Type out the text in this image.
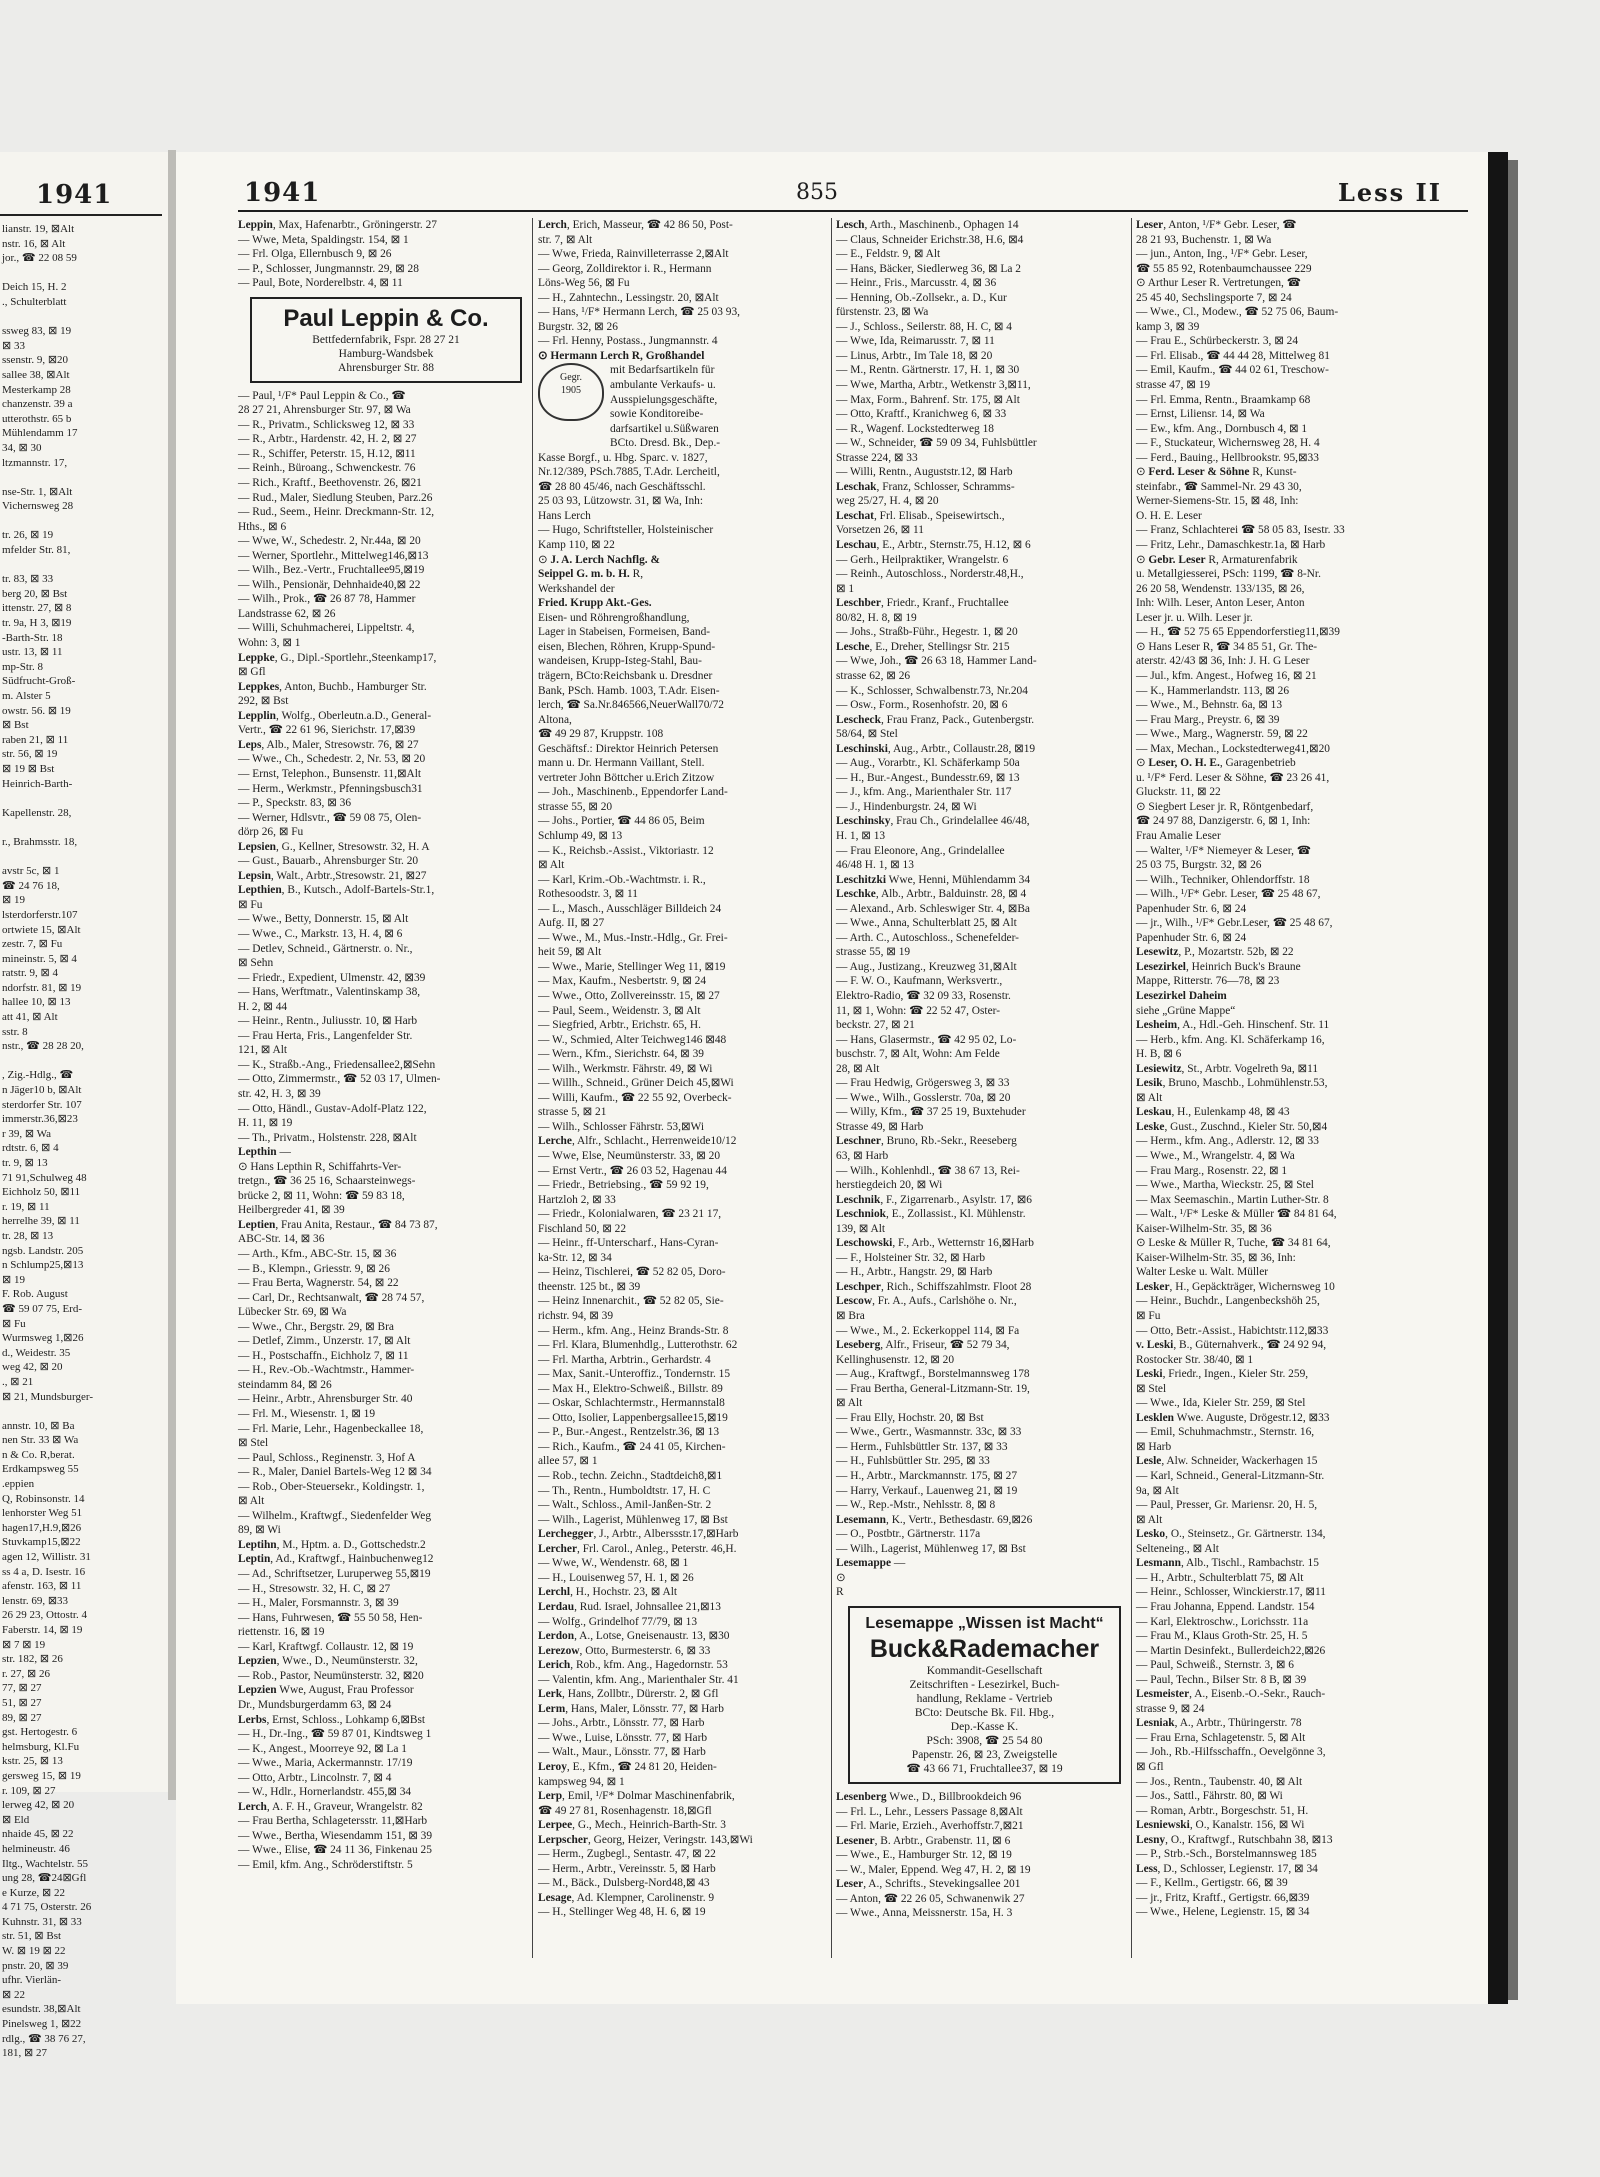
1941
lianstr. 19, ⊠Alt
nstr. 16, ⊠ Alt
jor., ☎ 22 08 59

Deich 15, H. 2
., Schulterblatt

ssweg 83, ⊠ 19
⊠ 33
ssenstr. 9, ⊠20
sallee 38, ⊠Alt
Mesterkamp 28
chanzenstr. 39 a
utterothstr. 65 b
Mühlendamm 17
34, ⊠ 30
ltzmannstr. 17,

nse-Str. 1, ⊠Alt
Vichernsweg 28

tr. 26, ⊠ 19
mfelder Str. 81,

tr. 83, ⊠ 33
berg 20, ⊠ Bst
ittenstr. 27, ⊠ 8
tr. 9a, H 3, ⊠19
-Barth-Str. 18
ustr. 13, ⊠ 11
mp-Str. 8
Südfrucht-Groß-
m. Alster 5
owstr. 56. ⊠ 19
⊠ Bst
raben 21, ⊠ 11
str. 56, ⊠ 19
⊠ 19 ⊠ Bst
Heinrich-Barth-

Kapellenstr. 28,

r., Brahmsstr. 18,

avstr 5c, ⊠ 1
☎ 24 76 18,
⊠ 19
lsterdorferstr.107
ortwiete 15, ⊠Alt
zestr. 7, ⊠ Fu
mineinstr. 5, ⊠ 4
ratstr. 9, ⊠ 4
ndorfstr. 81, ⊠ 19
hallee 10, ⊠ 13
att 41, ⊠ Alt
sstr. 8
nstr., ☎ 28 28 20,

, Zig.-Hdlg., ☎
n Jäger10 b, ⊠Alt
sterdorfer Str. 107
immerstr.36,⊠23
r 39, ⊠ Wa
rdtstr. 6, ⊠ 4
tr. 9, ⊠ 13
71 91,Schulweg 48
Eichholz 50, ⊠11
r. 19, ⊠ 11
herrelhe 39, ⊠ 11
tr. 28, ⊠ 13
ngsb. Landstr. 205
n Schlump25,⊠13
⊠ 19
F. Rob. August
☎ 59 07 75, Erd-
⊠ Fu
Wurmsweg 1,⊠26
d., Weidestr. 35
weg 42, ⊠ 20
., ⊠ 21
⊠ 21, Mundsburger-

annstr. 10, ⊠ Ba
nen Str. 33 ⊠ Wa
n & Co. R,berat.
Erdkampsweg 55
.eppien
Q, Robinsonstr. 14
lenhorster Weg 51
hagen17,H.9,⊠26
Stuvkamp15,⊠22
agen 12, Willistr. 31
ss 4 a, D. Isestr. 16
afenstr. 163, ⊠ 11
lenstr. 69, ⊠33
26 29 23, Ottostr. 4
Faberstr. 14, ⊠ 19
⊠ 7 ⊠ 19
str. 182, ⊠ 26
r. 27, ⊠ 26
77, ⊠ 27
51, ⊠ 27
89, ⊠ 27
gst. Hertogestr. 6
helmsburg, Kl.Fu
kstr. 25, ⊠ 13
gersweg 15, ⊠ 19
r. 109, ⊠ 27
lerweg 42, ⊠ 20
⊠ Eld
nhaide 45, ⊠ 22
helmineustr. 46
Iltg., Wachtelstr. 55
ung 28, ☎24⊠Gfl
e Kurze, ⊠ 22
4 71 75, Osterstr. 26
Kuhnstr. 31, ⊠ 33
str. 51, ⊠ Bst
W. ⊠ 19 ⊠ 22
pnstr. 20, ⊠ 39
ufhr. Vierlän-
⊠ 22
esundstr. 38,⊠Alt
Pinelsweg 1, ⊠22
rdlg., ☎ 38 76 27,
181, ⊠ 27
1941	855	Less II
Leppin, Max, Hafenarbtr., Gröningerstr. 27
— Wwe, Meta, Spaldingstr. 154, ⊠ 1
— Frl. Olga, Ellernbusch 9, ⊠ 26
— P., Schlosser, Jungmannstr. 29, ⊠ 28
— Paul, Bote, Norderelbstr. 4, ⊠ 11
Paul Leppin & Co.
Bettfedernfabrik, Fspr. 28 27 21
Hamburg-Wandsbek
Ahrensburger Str. 88
— Paul, ¹/F* Paul Leppin & Co., ☎
28 27 21, Ahrensburger Str. 97, ⊠ Wa
— R., Privatm., Schlicksweg 12, ⊠ 33
— R., Arbtr., Hardenstr. 42, H. 2, ⊠ 27
— R., Schiffer, Peterstr. 15, H.12, ⊠11
— Reinh., Büroang., Schwenckestr. 76
— Rich., Kraftf., Beethovenstr. 26, ⊠21
— Rud., Maler, Siedlung Steuben, Parz.26
— Rud., Seem., Heinr. Dreckmann-Str. 12,
Hths., ⊠ 6
— Wwe, W., Schedestr. 2, Nr.44a, ⊠ 20
— Werner, Sportlehr., Mittelweg146,⊠13
— Wilh., Bez.-Vertr., Fruchtallee95,⊠19
— Wilh., Pensionär, Dehnhaide40,⊠ 22
— Wilh., Prok., ☎ 26 87 78, Hammer
Landstrasse 62, ⊠ 26
— Willi, Schuhmacherei, Lippeltstr. 4,
Wohn: 3, ⊠ 1
Leppke, G., Dipl.-Sportlehr.,Steenkamp17,
⊠ Gfl
Leppkes, Anton, Buchb., Hamburger Str.
292, ⊠ Bst
Lepplin, Wolfg., Oberleutn.a.D., General-
Vertr., ☎ 22 61 96, Sierichstr. 17,⊠39
Leps, Alb., Maler, Stresowstr. 76, ⊠ 27
— Wwe., Ch., Schedestr. 2, Nr. 53, ⊠ 20
— Ernst, Telephon., Bunsenstr. 11,⊠Alt
— Herm., Werkmstr., Pfenningsbusch31
— P., Speckstr. 83, ⊠ 36
— Werner, Hdlsvtr., ☎ 59 08 75, Olen-
dörp 26, ⊠ Fu
Lepsien, G., Kellner, Stresowstr. 32, H. A
— Gust., Bauarb., Ahrensburger Str. 20
Lepsin, Walt., Arbtr.,Stresowstr. 21, ⊠27
Lepthien, B., Kutsch., Adolf-Bartels-Str.1,
⊠ Fu
— Wwe., Betty, Donnerstr. 15, ⊠ Alt
— Wwe., C., Markstr. 13, H. 4, ⊠ 6
— Detlev, Schneid., Gärtnerstr. o. Nr.,
⊠ Sehn
— Friedr., Expedient, Ulmenstr. 42, ⊠39
— Hans, Werftmatr., Valentinskamp 38,
H. 2, ⊠ 44
— Heinr., Rentn., Juliusstr. 10, ⊠ Harb
— Frau Herta, Fris., Langenfelder Str.
121, ⊠ Alt
— K., Straßb.-Ang., Friedensallee2,⊠Sehn
— Otto, Zimmermstr., ☎ 52 03 17, Ulmen-
str. 42, H. 3, ⊠ 39
— Otto, Händl., Gustav-Adolf-Platz 122,
H. 11, ⊠ 19
— Th., Privatm., Holstenstr. 228, ⊠Alt
Lepthin —
⊙ Hans Lepthin R, Schiffahrts-Ver-
tretgn., ☎ 36 25 16, Schaarsteinwegs-
brücke 2, ⊠ 11, Wohn: ☎ 59 83 18,
Heilbergreder 41, ⊠ 39
Leptien, Frau Anita, Restaur., ☎ 84 73 87,
ABC-Str. 14, ⊠ 36
— Arth., Kfm., ABC-Str. 15, ⊠ 36
— B., Klempn., Griesstr. 9, ⊠ 26
— Frau Berta, Wagnerstr. 54, ⊠ 22
— Carl, Dr., Rechtsanwalt, ☎ 28 74 57,
Lübecker Str. 69, ⊠ Wa
— Wwe., Chr., Bergstr. 29, ⊠ Bra
— Detlef, Zimm., Unzerstr. 17, ⊠ Alt
— H., Postschaffn., Eichholz 7, ⊠ 11
— H., Rev.-Ob.-Wachtmstr., Hammer-
steindamm 84, ⊠ 26
— Heinr., Arbtr., Ahrensburger Str. 40
— Frl. M., Wiesenstr. 1, ⊠ 19
— Frl. Marie, Lehr., Hagenbeckallee 18,
⊠ Stel
— Paul, Schloss., Reginenstr. 3, Hof A
— R., Maler, Daniel Bartels-Weg 12 ⊠ 34
— Rob., Ober-Steuersekr., Koldingstr. 1,
⊠ Alt
— Wilhelm., Kraftwgf., Siedenfelder Weg
89, ⊠ Wi
Leptihn, M., Hptm. a. D., Gottschedstr.2
Leptin, Ad., Kraftwgf., Hainbuchenweg12
— Ad., Schriftsetzer, Luruperweg 55,⊠19
— H., Stresowstr. 32, H. C, ⊠ 27
— H., Maler, Forsmannstr. 3, ⊠ 39
— Hans, Fuhrwesen, ☎ 55 50 58, Hen-
riettenstr. 16, ⊠ 19
— Karl, Kraftwgf. Collaustr. 12, ⊠ 19
Lepzien, Wwe., D., Neumünsterstr. 32,
— Rob., Pastor, Neumünsterstr. 32, ⊠20
Lepzien Wwe, August, Frau Professor
Dr., Mundsburgerdamm 63, ⊠ 24
Lerbs, Ernst, Schloss., Lohkamp 6,⊠Bst
— H., Dr.-Ing., ☎ 59 87 01, Kindtsweg 1
— K., Angest., Moorreye 92, ⊠ La 1
— Wwe., Maria, Ackermannstr. 17/19
— Otto, Arbtr., Lincolnstr. 7, ⊠ 4
— W., Hdlr., Hornerlandstr. 455,⊠ 34
Lerch, A. F. H., Graveur, Wrangelstr. 82
— Frau Bertha, Schlagetersstr. 11,⊠Harb
— Wwe., Bertha, Wiesendamm 151, ⊠ 39
— Wwe., Elise, ☎ 24 11 36, Finkenau 25
— Emil, kfm. Ang., Schröderstiftstr. 5
Lerch, Erich, Masseur, ☎ 42 86 50, Post-
str. 7, ⊠ Alt
— Wwe, Frieda, Rainvilleterrasse 2,⊠Alt
— Georg, Zolldirektor i. R., Hermann
Löns-Weg 56, ⊠ Fu
— H., Zahntechn., Lessingstr. 20, ⊠Alt
— Hans, ¹/F* Hermann Lerch, ☎ 25 03 93,
Burgstr. 32, ⊠ 26
— Frl. Henny, Postass., Jungmannstr. 4
⊙ Hermann Lerch R, Großhandel
Gegr.
1905
mit Bedarfsartikeln für
ambulante Verkaufs- u.
Ausspielungsgeschäfte,
sowie Konditoreibe-
darfsartikel u.Süßwaren
BCto. Dresd. Bk., Dep.-
Kasse Borgf., u. Hbg. Sparc. v. 1827,
Nr.12/389, PSch.7885, T.Adr. Lercheitl,
☎ 28 80 45/46, nach Geschäftsschl.
25 03 93, Lützowstr. 31, ⊠ Wa, Inh:
Hans Lerch
— Hugo, Schriftsteller, Holsteinischer
Kamp 110, ⊠ 22
⊙ J. A. Lerch Nachflg. &
Seippel G. m. b. H. R,
Werkshandel der
Fried. Krupp Akt.-Ges.
Eisen- und Röhrengroßhandlung,
Lager in Stabeisen, Formeisen, Band-
eisen, Blechen, Röhren, Krupp-Spund-
wandeisen, Krupp-Isteg-Stahl, Bau-
trägern, BCto:Reichsbank u. Dresdner
Bank, PSch. Hamb. 1003, T.Adr. Eisen-
lerch, ☎ Sa.Nr.846566,NeuerWall70/72
Altona,
☎ 49 29 87, Kruppstr. 108
Geschäftsf.: Direktor Heinrich Petersen
mann u. Dr. Hermann Vaillant, Stell.
vertreter John Böttcher u.Erich Zitzow
— Joh., Maschinenb., Eppendorfer Land-
strasse 55, ⊠ 20
— Johs., Portier, ☎ 44 86 05, Beim
Schlump 49, ⊠ 13
— K., Reichsb.-Assist., Viktoriastr. 12
⊠ Alt
— Karl, Krim.-Ob.-Wachtmstr. i. R.,
Rothesoodstr. 3, ⊠ 11
— L., Masch., Ausschläger Billdeich 24
Aufg. II, ⊠ 27
— Wwe., M., Mus.-Instr.-Hdlg., Gr. Frei-
heit 59, ⊠ Alt
— Wwe., Marie, Stellinger Weg 11, ⊠19
— Max, Kaufm., Nesbertstr. 9, ⊠ 24
— Wwe., Otto, Zollvereinsstr. 15, ⊠ 27
— Paul, Seem., Weidenstr. 3, ⊠ Alt
— Siegfried, Arbtr., Erichstr. 65, H.
— W., Schmied, Alter Teichweg146 ⊠48
— Wern., Kfm., Sierichstr. 64, ⊠ 39
— Wilh., Werkmstr. Fährstr. 49, ⊠ Wi
— Willh., Schneid., Grüner Deich 45,⊠Wi
— Willi, Kaufm., ☎ 22 55 92, Overbeck-
strasse 5, ⊠ 21
— Wilh., Schlosser Fährstr. 53,⊠Wi
Lerche, Alfr., Schlacht., Herrenweide10/12
— Wwe, Else, Neumünsterstr. 33, ⊠ 20
— Ernst Vertr., ☎ 26 03 52, Hagenau 44
— Friedr., Betriebsing., ☎ 59 92 19,
Hartzloh 2, ⊠ 33
— Friedr., Kolonialwaren, ☎ 23 21 17,
Fischland 50, ⊠ 22
— Heinr., ff-Unterscharf., Hans-Cyran-
ka-Str. 12, ⊠ 34
— Heinz, Tischlerei, ☎ 52 82 05, Doro-
theenstr. 125 bt., ⊠ 39
— Heinz Innenarchit., ☎ 52 82 05, Sie-
richstr. 94, ⊠ 39
— Herm., kfm. Ang., Heinz Brands-Str. 8
— Frl. Klara, Blumenhdlg., Lutterothstr. 62
— Frl. Martha, Arbtrin., Gerhardstr. 4
— Max, Sanit.-Unteroffiz., Tondernstr. 15
— Max H., Elektro-Schweiß., Billstr. 89
— Oskar, Schlachtermstr., Hermannstal8
— Otto, Isolier, Lappenbergsallee15,⊠19
— P., Bur.-Angest., Rentzelstr.36, ⊠ 13
— Rich., Kaufm., ☎ 24 41 05, Kirchen-
allee 57, ⊠ 1
— Rob., techn. Zeichn., Stadtdeich8,⊠1
— Th., Rentn., Humboldtstr. 17, H. C
— Walt., Schloss., Amil-Janßen-Str. 2
— Wilh., Lagerist, Mühlenweg 17, ⊠ Bst
Lerchegger, J., Arbtr., Alberssstr.17,⊠Harb
Lercher, Frl. Carol., Anleg., Peterstr. 46,H.
— Wwe, W., Wendenstr. 68, ⊠ 1
— H., Louisenweg 57, H. 1, ⊠ 26
Lerchl, H., Hochstr. 23, ⊠ Alt
Lerdau, Rud. Israel, Johnsallee 21,⊠13
— Wolfg., Grindelhof 77/79, ⊠ 13
Lerdon, A., Lotse, Gneisenaustr. 13, ⊠30
Lerezow, Otto, Burmesterstr. 6, ⊠ 33
Lerich, Rob., kfm. Ang., Hagedornstr. 53
— Valentin, kfm. Ang., Marienthaler Str. 41
Lerk, Hans, Zollbtr., Dürerstr. 2, ⊠ Gfl
Lerm, Hans, Maler, Lönsstr. 77, ⊠ Harb
— Johs., Arbtr., Lönsstr. 77, ⊠ Harb
— Wwe., Luise, Lönsstr. 77, ⊠ Harb
— Walt., Maur., Lönsstr. 77, ⊠ Harb
Leroy, E., Kfm., ☎ 24 81 20, Heiden-
kampsweg 94, ⊠ 1
Lerp, Emil, ¹/F* Dolmar Maschinenfabrik,
☎ 49 27 81, Rosenhagenstr. 18,⊠Gfl
Lerpee, G., Mech., Heinrich-Barth-Str. 3
Lerpscher, Georg, Heizer, Veringstr. 143,⊠Wi
— Herm., Zugbegl., Sentastr. 47, ⊠ 22
— Herm., Arbtr., Vereinsstr. 5, ⊠ Harb
— M., Bäck., Dulsberg-Nord48,⊠ 43
Lesage, Ad. Klempner, Carolinenstr. 9
— H., Stellinger Weg 48, H. 6, ⊠ 19
Lesch, Arth., Maschinenb., Ophagen 14
— Claus, Schneider Erichstr.38, H.6, ⊠4
— E., Feldstr. 9, ⊠ Alt
— Hans, Bäcker, Siedlerweg 36, ⊠ La 2
— Heinr., Fris., Marcusstr. 4, ⊠ 36
— Henning, Ob.-Zollsekr., a. D., Kur
fürstenstr. 23, ⊠ Wa
— J., Schloss., Seilerstr. 88, H. C, ⊠ 4
— Wwe, Ida, Reimarusstr. 7, ⊠ 11
— Linus, Arbtr., Im Tale 18, ⊠ 20
— M., Rentn. Gärtnerstr. 17, H. 1, ⊠ 30
— Wwe, Martha, Arbtr., Wetkenstr 3,⊠11,
— Max, Form., Bahrenf. Str. 175, ⊠ Alt
— Otto, Kraftf., Kranichweg 6, ⊠ 33
— R., Wagenf. Lockstedterweg 18
— W., Schneider, ☎ 59 09 34, Fuhlsbüttler
Strasse 224, ⊠ 33
— Willi, Rentn., Auguststr.12, ⊠ Harb
Leschak, Franz, Schlosser, Schramms-
weg 25/27, H. 4, ⊠ 20
Leschat, Frl. Elisab., Speisewirtsch.,
Vorsetzen 26, ⊠ 11
Leschau, E., Arbtr., Sternstr.75, H.12, ⊠ 6
— Gerh., Heilpraktiker, Wrangelstr. 6
— Reinh., Autoschloss., Norderstr.48,H.,
⊠ 1
Leschber, Friedr., Kranf., Fruchtallee
80/82, H. 8, ⊠ 19
— Johs., Straßb-Führ., Hegestr. 1, ⊠ 20
Lesche, E., Dreher, Stellingsr Str. 215
— Wwe, Joh., ☎ 26 63 18, Hammer Land-
strasse 62, ⊠ 26
— K., Schlosser, Schwalbenstr.73, Nr.204
— Osw., Form., Rosenhofstr. 20, ⊠ 6
Lescheck, Frau Franz, Pack., Gutenbergstr.
58/64, ⊠ Stel
Leschinski, Aug., Arbtr., Collaustr.28, ⊠19
— Aug., Vorarbtr., Kl. Schäferkamp 50a
— H., Bur.-Angest., Bundesstr.69, ⊠ 13
— J., kfm. Ang., Marienthaler Str. 117
— J., Hindenburgstr. 24, ⊠ Wi
Leschinsky, Frau Ch., Grindelallee 46/48,
H. 1, ⊠ 13
— Frau Eleonore, Ang., Grindelallee
46/48 H. 1, ⊠ 13
Leschitzki Wwe, Henni, Mühlendamm 34
Leschke, Alb., Arbtr., Balduinstr. 28, ⊠ 4
— Alexand., Arb. Schleswiger Str. 4, ⊠Ba
— Wwe., Anna, Schulterblatt 25, ⊠ Alt
— Arth. C., Autoschloss., Schenefelder-
strasse 55, ⊠ 19
— Aug., Justizang., Kreuzweg 31,⊠Alt
— F. W. O., Kaufmann, Werksvertr.,
Elektro-Radio, ☎ 32 09 33, Rosenstr.
11, ⊠ 1, Wohn: ☎ 22 52 47, Oster-
beckstr. 27, ⊠ 21
— Hans, Glasermstr., ☎ 42 95 02, Lo-
buschstr. 7, ⊠ Alt, Wohn: Am Felde
28, ⊠ Alt
— Frau Hedwig, Grögersweg 3, ⊠ 33
— Wwe., Wilh., Gosslerstr. 70a, ⊠ 20
— Willy, Kfm., ☎ 37 25 19, Buxtehuder
Strasse 49, ⊠ Harb
Leschner, Bruno, Rb.-Sekr., Reeseberg
63, ⊠ Harb
— Wilh., Kohlenhdl., ☎ 38 67 13, Rei-
herstiegdeich 20, ⊠ Wi
Leschnik, F., Zigarrenarb., Asylstr. 17, ⊠6
Leschniok, E., Zollassist., Kl. Mühlenstr.
139, ⊠ Alt
Leschowski, F., Arb., Wetternstr 16,⊠Harb
— F., Holsteiner Str. 32, ⊠ Harb
— H., Arbtr., Hangstr. 29, ⊠ Harb
Leschper, Rich., Schiffszahlmstr. Floot 28
Lescow, Fr. A., Aufs., Carlshöhe o. Nr.,
⊠ Bra
— Wwe., M., 2. Eckerkoppel 114, ⊠ Fa
Leseberg, Alfr., Friseur, ☎ 52 79 34,
Kellinghusenstr. 12, ⊠ 20
— Aug., Kraftwgf., Borstelmannsweg 178
— Frau Bertha, General-Litzmann-Str. 19,
⊠ Alt
— Frau Elly, Hochstr. 20, ⊠ Bst
— Wwe., Gertr., Wasmannstr. 33c, ⊠ 33
— Herm., Fuhlsbüttler Str. 137, ⊠ 33
— H., Fuhlsbüttler Str. 295, ⊠ 33
— H., Arbtr., Marckmannstr. 175, ⊠ 27
— Harry, Verkauf., Lauenweg 21, ⊠ 19
— W., Rep.-Mstr., Nehlsstr. 8, ⊠ 8
Lesemann, K., Vertr., Bethesdastr. 69,⊠26
— O., Postbtr., Gärtnerstr. 117a
— Wilh., Lagerist, Mühlenweg 17, ⊠ Bst
Lesemappe —
⊙
R
Lesemappe „Wissen ist Macht“
Buck&Rademacher
Kommandit-Gesellschaft
Zeitschriften - Lesezirkel, Buch-
handlung, Reklame - Vertrieb
BCto: Deutsche Bk. Fil. Hbg.,
Dep.-Kasse K.
PSch: 3908, ☎ 25 54 80
Papenstr. 26, ⊠ 23, Zweigstelle
☎ 43 66 71, Fruchtallee37, ⊠ 19
Lesenberg Wwe., D., Billbrookdeich 96
— Frl. L., Lehr., Lessers Passage 8,⊠Alt
— Frl. Marie, Erzieh., Averhoffstr.7,⊠21
Lesener, B. Arbtr., Grabenstr. 11, ⊠ 6
— Wwe., E., Hamburger Str. 12, ⊠ 19
— W., Maler, Eppend. Weg 47, H. 2, ⊠ 19
Leser, A., Schrifts., Stevekingsallee 201
— Anton, ☎ 22 26 05, Schwanenwik 27
— Wwe., Anna, Meissnerstr. 15a, H. 3
Leser, Anton, ¹/F* Gebr. Leser, ☎
28 21 93, Buchenstr. 1, ⊠ Wa
— jun., Anton, Ing., ¹/F* Gebr. Leser,
☎ 55 85 92, Rotenbaumchaussee 229
⊙ Arthur Leser R. Vertretungen, ☎
25 45 40, Sechslingsporte 7, ⊠ 24
— Wwe., Cl., Modew., ☎ 52 75 06, Baum-
kamp 3, ⊠ 39
— Frau E., Schürbeckerstr. 3, ⊠ 24
— Frl. Elisab., ☎ 44 44 28, Mittelweg 81
— Emil, Kaufm., ☎ 44 02 61, Treschow-
strasse 47, ⊠ 19
— Frl. Emma, Rentn., Braamkamp 68
— Ernst, Liliensr. 14, ⊠ Wa
— Ew., kfm. Ang., Dornbusch 4, ⊠ 1
— F., Stuckateur, Wichernsweg 28, H. 4
— Ferd., Bauing., Hellbrookstr. 95,⊠33
⊙ Ferd. Leser & Söhne R, Kunst-
steinfabr., ☎ Sammel-Nr. 29 43 30,
Werner-Siemens-Str. 15, ⊠ 48, Inh:
O. H. E. Leser
— Franz, Schlachterei ☎ 58 05 83, Isestr. 33
— Fritz, Lehr., Damaschkestr.1a, ⊠ Harb
⊙ Gebr. Leser R, Armaturenfabrik
u. Metallgiesserei, PSch: 1199, ☎ 8-Nr.
26 20 58, Wendenstr. 133/135, ⊠ 26,
Inh: Wilh. Leser, Anton Leser, Anton
Leser jr. u. Wilh. Leser jr.
— H., ☎ 52 75 65 Eppendorferstieg11,⊠39
⊙ Hans Leser R, ☎ 34 85 51, Gr. The-
aterstr. 42/43 ⊠ 36, Inh: J. H. G Leser
— Jul., kfm. Angest., Hofweg 16, ⊠ 21
— K., Hammerlandstr. 113, ⊠ 26
— Wwe., M., Behnstr. 6a, ⊠ 13
— Frau Marg., Preystr. 6, ⊠ 39
— Wwe., Marg., Wagnerstr. 59, ⊠ 22
— Max, Mechan., Lockstedterweg41,⊠20
⊙ Leser, O. H. E., Garagenbetrieb
u. ¹/F* Ferd. Leser & Söhne, ☎ 23 26 41,
Gluckstr. 11, ⊠ 22
⊙ Siegbert Leser jr. R, Röntgenbedarf,
☎ 24 97 88, Danzigerstr. 6, ⊠ 1, Inh:
Frau Amalie Leser
— Walter, ¹/F* Niemeyer & Leser, ☎
25 03 75, Burgstr. 32, ⊠ 26
— Wilh., Techniker, Ohlendorffstr. 18
— Wilh., ¹/F* Gebr. Leser, ☎ 25 48 67,
Papenhuder Str. 6, ⊠ 24
— jr., Wilh., ¹/F* Gebr.Leser, ☎ 25 48 67,
Papenhuder Str. 6, ⊠ 24
Lesewitz, P., Mozartstr. 52b, ⊠ 22
Lesezirkel, Heinrich Buck's Braune
Mappe, Ritterstr. 76—78, ⊠ 23
Lesezirkel Daheim
siehe „Grüne Mappe“
Lesheim, A., Hdl.-Geh. Hinschenf. Str. 11
— Herb., kfm. Ang. Kl. Schäferkamp 16,
H. B, ⊠ 6
Lesiewitz, St., Arbtr. Vogelreth 9a, ⊠11
Lesik, Bruno, Maschb., Lohmühlenstr.53,
⊠ Alt
Leskau, H., Eulenkamp 48, ⊠ 43
Leske, Gust., Zuschnd., Kieler Str. 50,⊠4
— Herm., kfm. Ang., Adlerstr. 12, ⊠ 33
— Wwe., M., Wrangelstr. 4, ⊠ Wa
— Frau Marg., Rosenstr. 22, ⊠ 1
— Wwe., Martha, Wieckstr. 25, ⊠ Stel
— Max Seemaschin., Martin Luther-Str. 8
— Walt., ¹/F* Leske & Müller ☎ 84 81 64,
Kaiser-Wilhelm-Str. 35, ⊠ 36
⊙ Leske & Müller R, Tuche, ☎ 34 81 64,
Kaiser-Wilhelm-Str. 35, ⊠ 36, Inh:
Walter Leske u. Walt. Müller
Lesker, H., Gepäckträger, Wichernsweg 10
— Heinr., Buchdr., Langenbeckshöh 25,
⊠ Fu
— Otto, Betr.-Assist., Habichtstr.112,⊠33
v. Leski, B., Güternahverk., ☎ 24 92 94,
Rostocker Str. 38/40, ⊠ 1
Leski, Friedr., Ingen., Kieler Str. 259,
⊠ Stel
— Wwe., Ida, Kieler Str. 259, ⊠ Stel
Lesklen Wwe. Auguste, Drögestr.12, ⊠33
— Emil, Schuhmachmstr., Sternstr. 16,
⊠ Harb
Lesle, Alw. Schneider, Wackerhagen 15
— Karl, Schneid., General-Litzmann-Str.
9a, ⊠ Alt
— Paul, Presser, Gr. Mariensr. 20, H. 5,
⊠ Alt
Lesko, O., Steinsetz., Gr. Gärtnerstr. 134,
Selteneing., ⊠ Alt
Lesmann, Alb., Tischl., Rambachstr. 15
— H., Arbtr., Schulterblatt 75, ⊠ Alt
— Heinr., Schlosser, Winckierstr.17, ⊠11
— Frau Johanna, Eppend. Landstr. 154
— Karl, Elektroschw., Lorichsstr. 11a
— Frau M., Klaus Groth-Str. 25, H. 5
— Martin Desinfekt., Bullerdeich22,⊠26
— Paul, Schweiß., Sternstr. 3, ⊠ 6
— Paul, Techn., Bilser Str. 8 B, ⊠ 39
Lesmeister, A., Eisenb.-O.-Sekr., Rauch-
strasse 9, ⊠ 24
Lesniak, A., Arbtr., Thüringerstr. 78
— Frau Erna, Schlagetenstr. 5, ⊠ Alt
— Joh., Rb.-Hilfsschaffn., Oevelgönne 3,
⊠ Gfl
— Jos., Rentn., Taubenstr. 40, ⊠ Alt
— Jos., Sattl., Fährstr. 80, ⊠ Wi
— Roman, Arbtr., Borgeschstr. 51, H.
Lesniewski, O., Kanalstr. 156, ⊠ Wi
Lesny, O., Kraftwgf., Rutschbahn 38, ⊠13
— P., Strb.-Sch., Borstelmannsweg 185
Less, D., Schlosser, Legienstr. 17, ⊠ 34
— F., Kellm., Gertigstr. 66, ⊠ 39
— jr., Fritz, Kraftf., Gertigstr. 66,⊠39
— Wwe., Helene, Legienstr. 15, ⊠ 34
